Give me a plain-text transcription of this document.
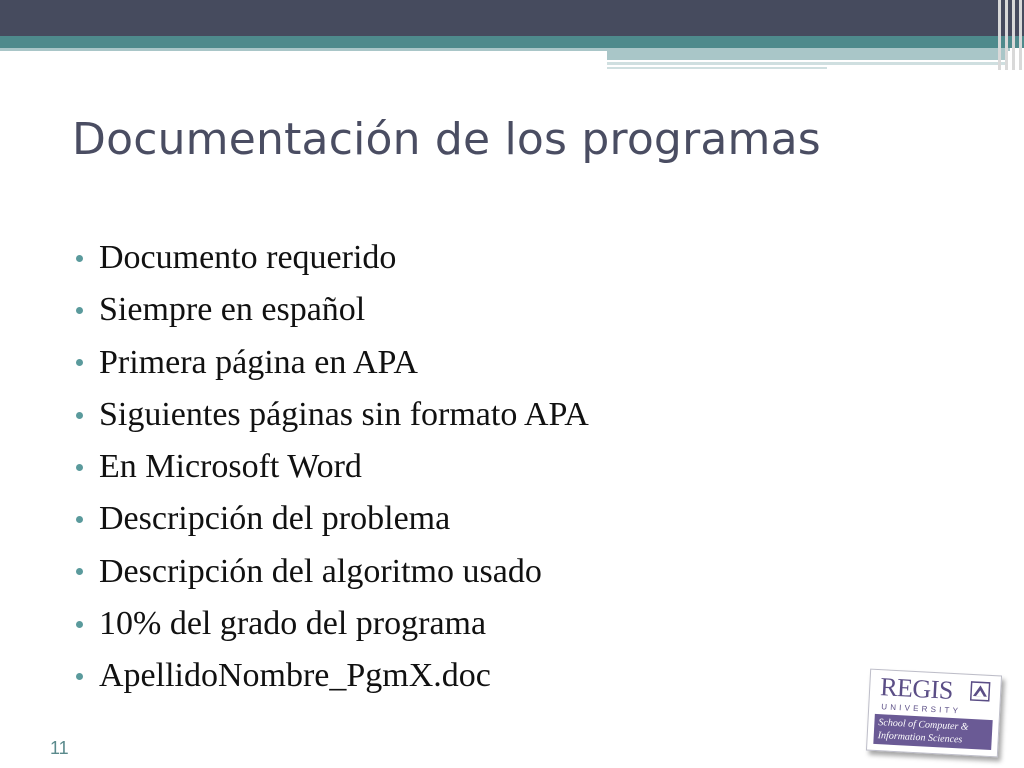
Documentación de los programas
Documento requerido
Siempre en español
Primera página en APA
Siguientes páginas sin formato APA
En Microsoft Word
Descripción del problema
Descripción del algoritmo usado
10% del grado del programa
ApellidoNombre_PgmX.doc
11
REGIS
UNIVERSITY
School of Computer &
Information Sciences
